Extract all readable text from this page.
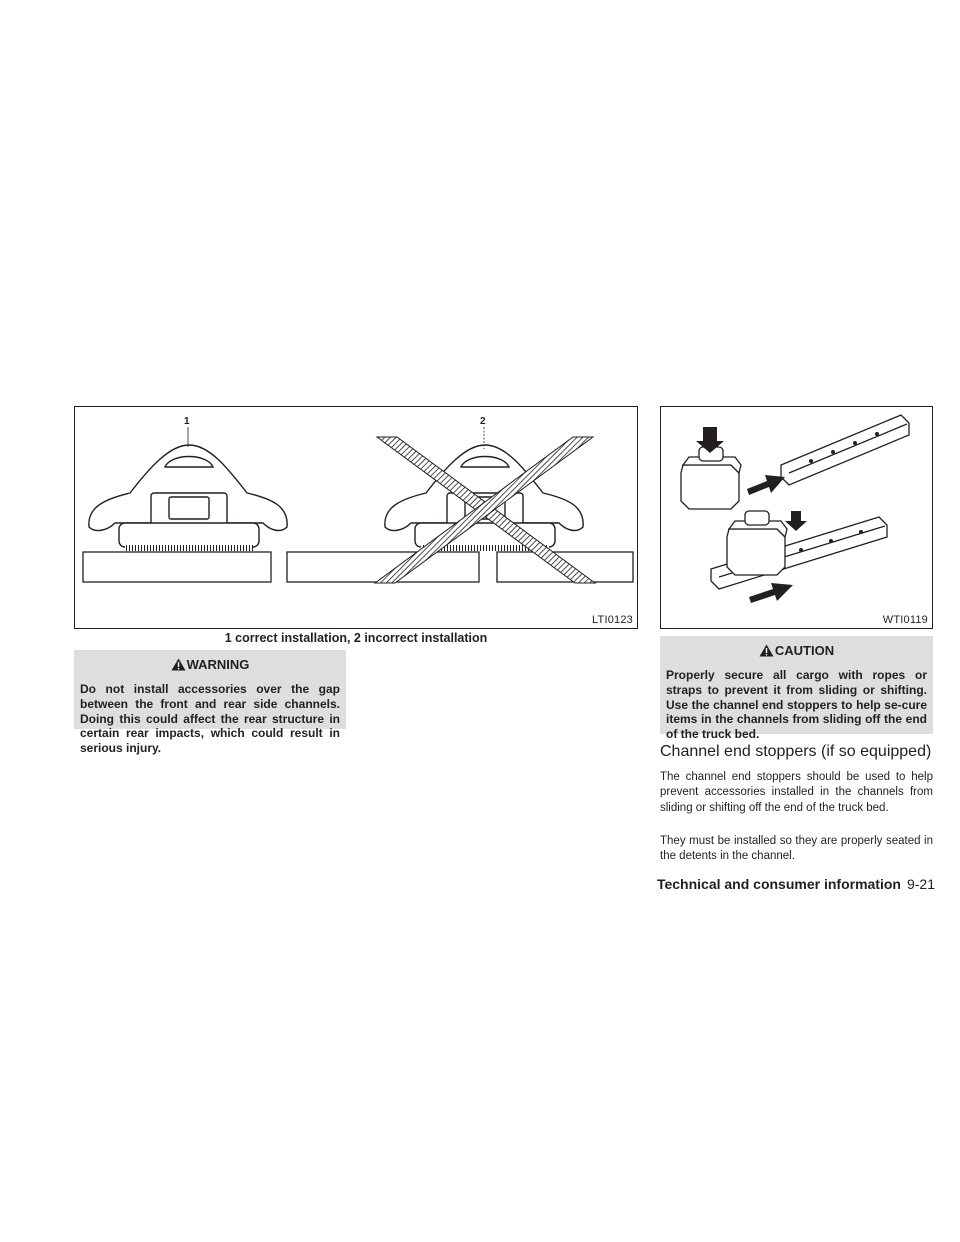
1	2
LTI0123	WTI0119
1 correct installation, 2 incorrect installation
WARNING
Do not install accessories over the gap between the front and rear side channels. Doing this could affect the rear structure in certain rear impacts, which could result in serious injury.
CAUTION
Properly secure all cargo with ropes or straps to prevent it from sliding or shifting. Use the channel end stoppers to help se-cure items in the channels from sliding off the end of the truck bed.
Channel end stoppers (if so equipped)
The channel end stoppers should be used to help prevent accessories installed in the channels from sliding or shifting off the end of the truck bed.
They must be installed so they are properly seated in the detents in the channel.
Technical and consumer information 9-21
